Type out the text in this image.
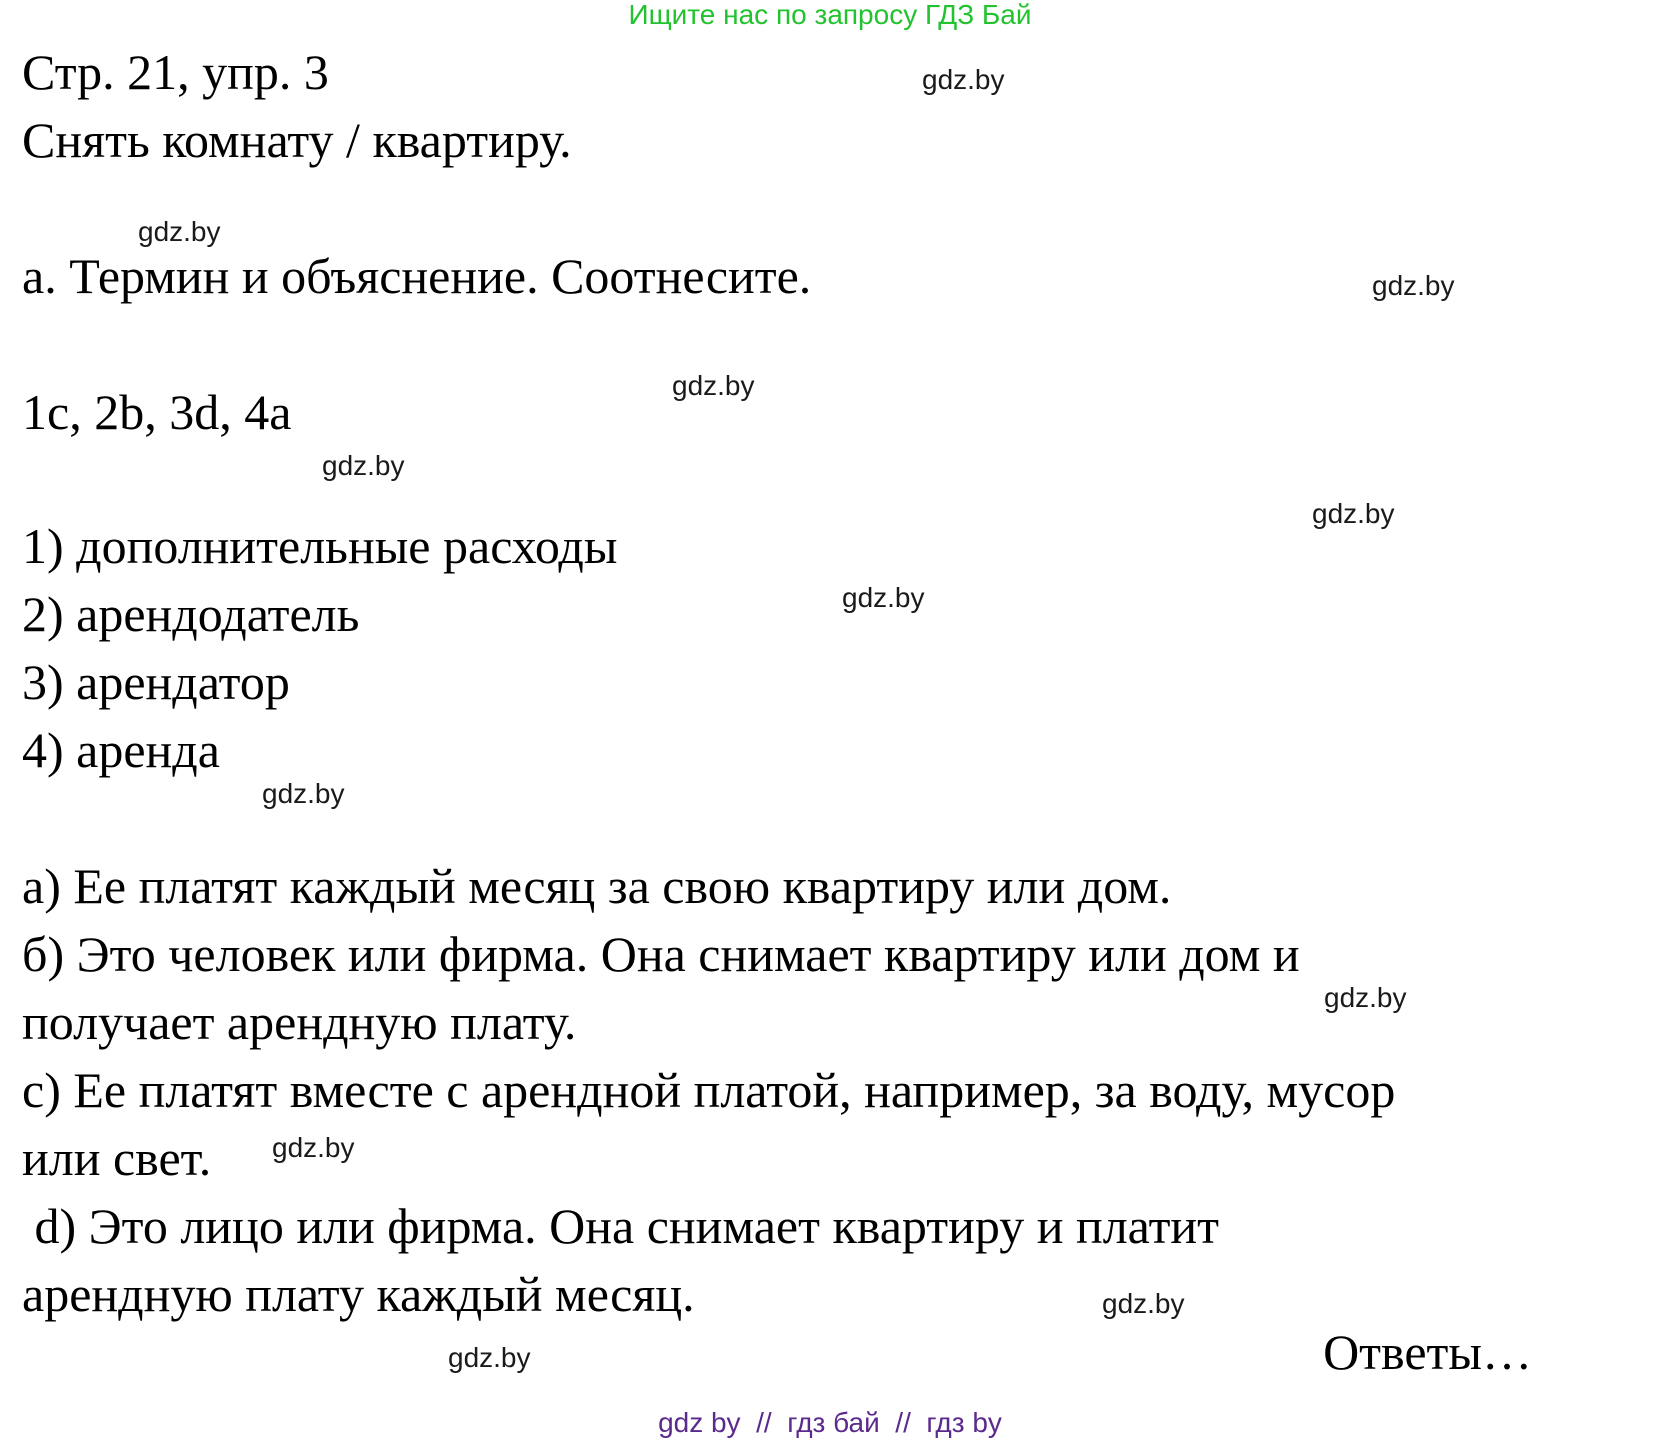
Ищите нас по запросу ГДЗ Бай
Стр. 21, упр. 3
Снять комнату / квартиру.
a. Термин и объяснение. Соотнесите.
1c, 2b, 3d, 4a
1) дополнительные расходы
2) арендодатель
3) арендатор
4) аренда
a) Ее платят каждый месяц за свою квартиру или дом.
б) Это человек или фирма. Она снимает квартиру или дом и
получает арендную плату.
c) Ее платят вместе с арендной платой, например, за воду, мусор
или свет.
d) Это лицо или фирма. Она снимает квартиру и платит
арендную плату каждый месяц.
Ответы…
gdz.by
gdz.by
gdz.by
gdz.by
gdz.by
gdz.by
gdz.by
gdz.by
gdz.by
gdz.by
gdz.by
gdz.by
gdz by  //  гдз бай  //  гдз by
